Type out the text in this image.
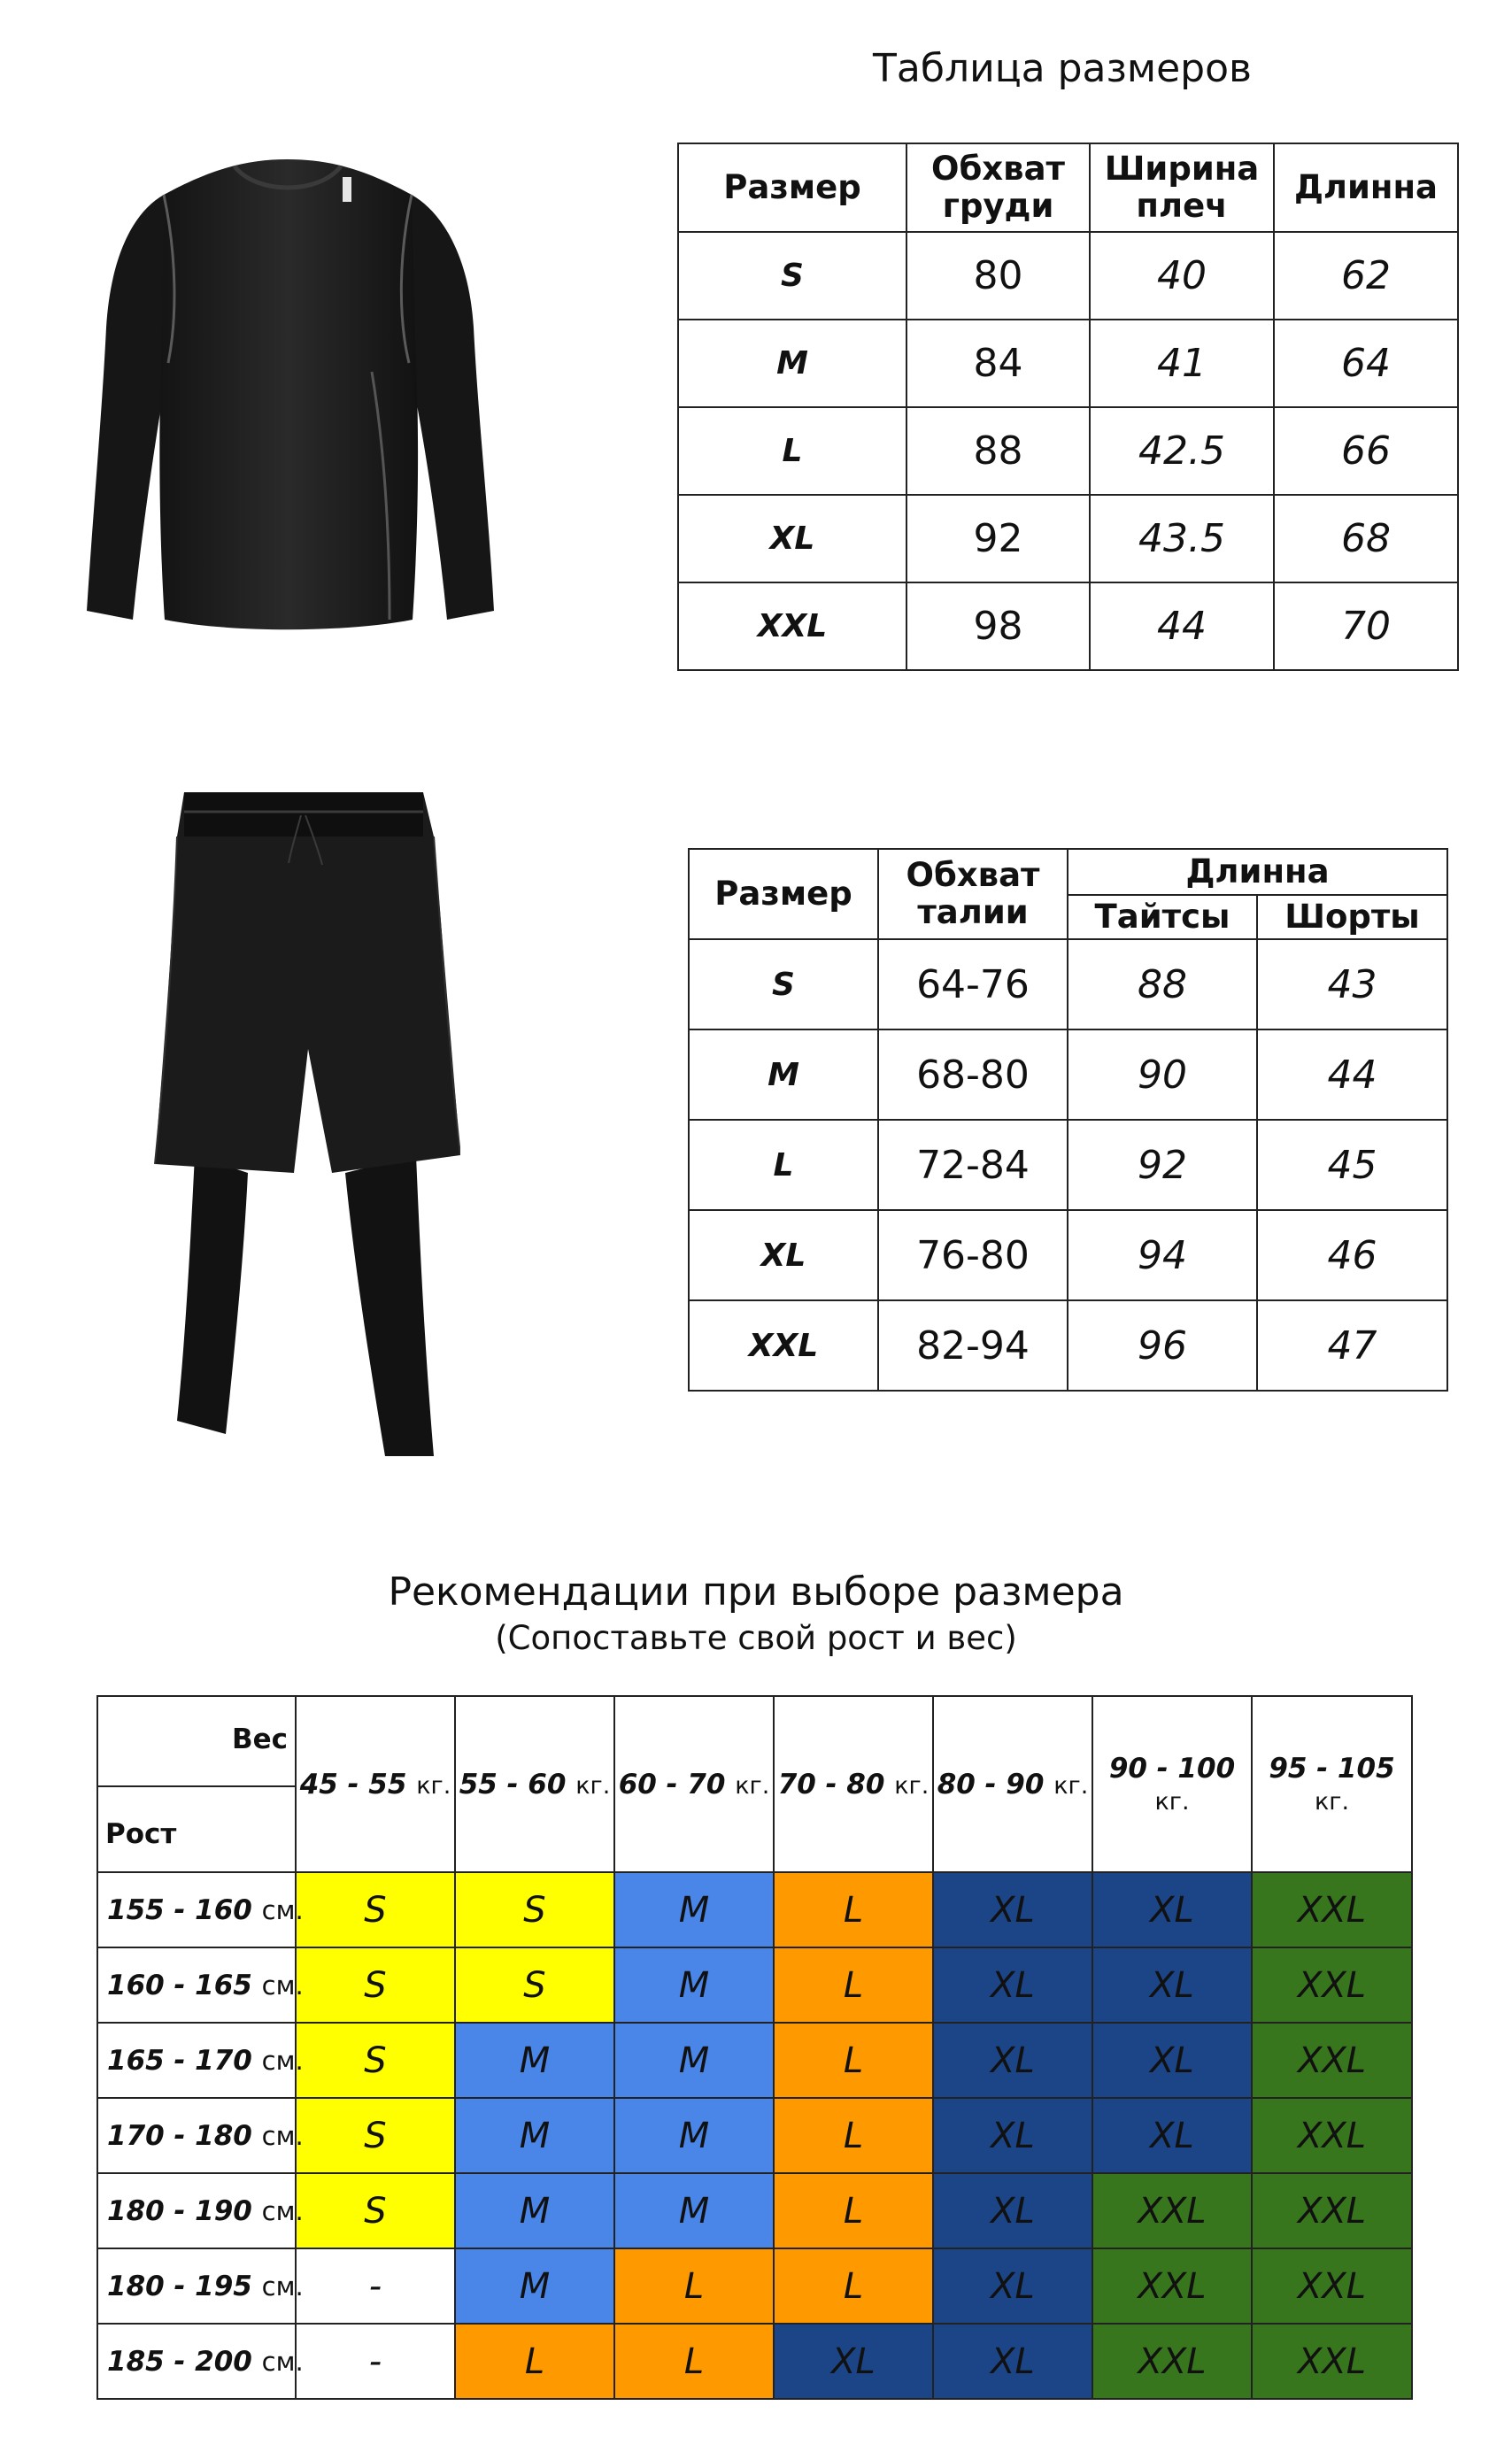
Таблица размеров
Размер	Обхват груди	Ширина плеч	Длинна
S	80	40	62
M	84	41	64
L	88	42.5	66
XL	92	43.5	68
XXL	98	44	70
Размер	Обхват талии	Длинна	
		Тайтсы	Шорты
S	64-76	88	43
M	68-80	90	44
L	72-84	92	45
XL	76-80	94	46
XXL	82-94	96	47
Рекомендации при выборе размера
(Сопоставьте свой рост и вес)
Вес
Рост	45 - 55 кг.	55 - 60 кг.	60 - 70 кг.	70 - 80 кг.	80 - 90 кг.	90 - 100 кг.	95 - 105 кг.
155 - 160 см.	S	S	M	L	XL	XL	XXL
160 - 165 см.	S	S	M	L	XL	XL	XXL
165 - 170 см.	S	M	M	L	XL	XL	XXL
170 - 180 см.	S	M	M	L	XL	XL	XXL
180 - 190 см.	S	M	M	L	XL	XXL	XXL
180 - 195 см.	-	M	L	L	XL	XXL	XXL
185 - 200 см.	-	L	L	XL	XL	XXL	XXL
